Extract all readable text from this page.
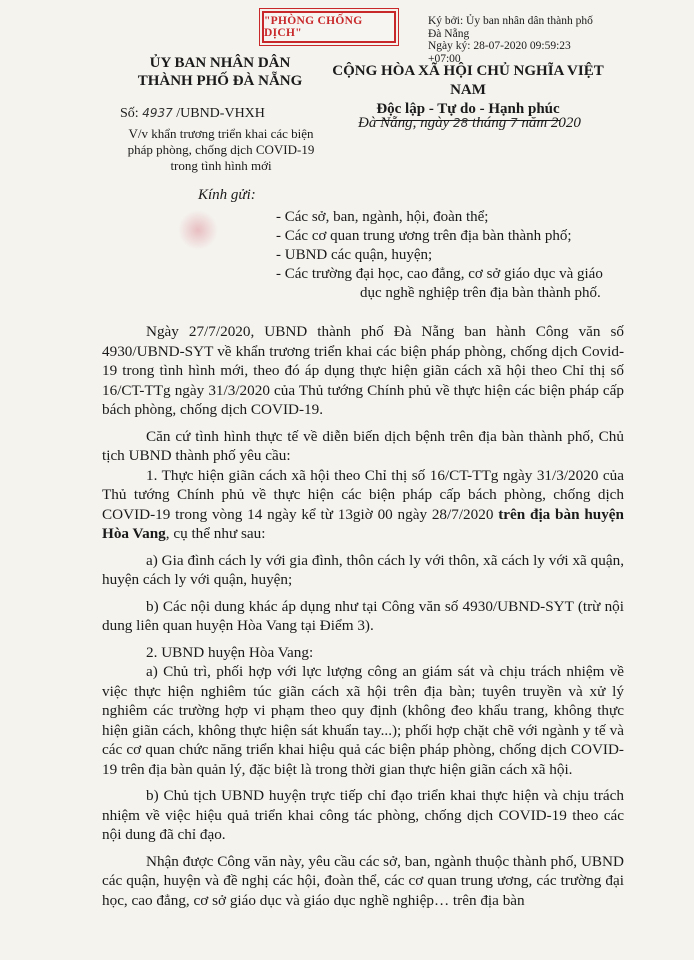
"PHÒNG CHỐNG DỊCH"
Ký bởi: Ủy ban nhân dân thành phố
Đà Nẵng
Ngày ký: 28-07-2020 09:59:23
+07:00
ỦY BAN NHÂN DÂN
THÀNH PHỐ ĐÀ NẴNG
Số: 4937 /UBND-VHXH
V/v khẩn trương triển khai các biện
pháp phòng, chống dịch COVID-19
trong tình hình mới
CỘNG HÒA XÃ HỘI CHỦ NGHĨA VIỆT NAM
Độc lập - Tự do - Hạnh phúc
Đà Nẵng, ngày 28 tháng 7 năm 2020
Kính gửi:
- Các sở, ban, ngành, hội, đoàn thể;
- Các cơ quan trung ương trên địa bàn thành phố;
- UBND các quận, huyện;
- Các trường đại học, cao đẳng, cơ sở giáo dục và giáo
dục nghề nghiệp trên địa bàn thành phố.

Ngày 27/7/2020, UBND thành phố Đà Nẵng ban hành Công văn số 4930/UBND-SYT về khẩn trương triển khai các biện pháp phòng, chống dịch Covid-19 trong tình hình mới, theo đó áp dụng thực hiện giãn cách xã hội theo Chỉ thị số 16/CT-TTg ngày 31/3/2020 của Thủ tướng Chính phủ về thực hiện các biện pháp cấp bách phòng, chống dịch COVID-19.

Căn cứ tình hình thực tế về diễn biến dịch bệnh trên địa bàn thành phố, Chủ tịch UBND thành phố yêu cầu:

1. Thực hiện giãn cách xã hội theo Chỉ thị số 16/CT-TTg ngày 31/3/2020 của Thủ tướng Chính phủ về thực hiện các biện pháp cấp bách phòng, chống dịch COVID-19 trong vòng 14 ngày kể từ 13giờ 00 ngày 28/7/2020 trên địa bàn huyện Hòa Vang, cụ thể như sau:

a) Gia đình cách ly với gia đình, thôn cách ly với thôn, xã cách ly với xã quận, huyện cách ly với quận, huyện;

b) Các nội dung khác áp dụng như tại Công văn số 4930/UBND-SYT (trừ nội dung liên quan huyện Hòa Vang tại Điểm 3).

2. UBND huyện Hòa Vang:

a) Chủ trì, phối hợp với lực lượng công an giám sát và chịu trách nhiệm về việc thực hiện nghiêm túc giãn cách xã hội trên địa bàn; tuyên truyền và xử lý nghiêm các trường hợp vi phạm theo quy định (không đeo khẩu trang, không thực hiện giãn cách, không thực hiện sát khuẩn tay...); phối hợp chặt chẽ với ngành y tế và các cơ quan chức năng triển khai hiệu quả các biện pháp phòng, chống dịch COVID-19 trên địa bàn quản lý, đặc biệt là trong thời gian thực hiện giãn cách xã hội.

b) Chủ tịch UBND huyện trực tiếp chỉ đạo triển khai thực hiện và chịu trách nhiệm về việc hiệu quả triển khai công tác phòng, chống dịch COVID-19 theo các nội dung đã chỉ đạo.

Nhận được Công văn này, yêu cầu các sở, ban, ngành thuộc thành phố, UBND các quận, huyện và đề nghị các hội, đoàn thể, các cơ quan trung ương, các trường đại học, cao đẳng, cơ sở giáo dục và giáo dục nghề nghiệp… trên địa bàn
